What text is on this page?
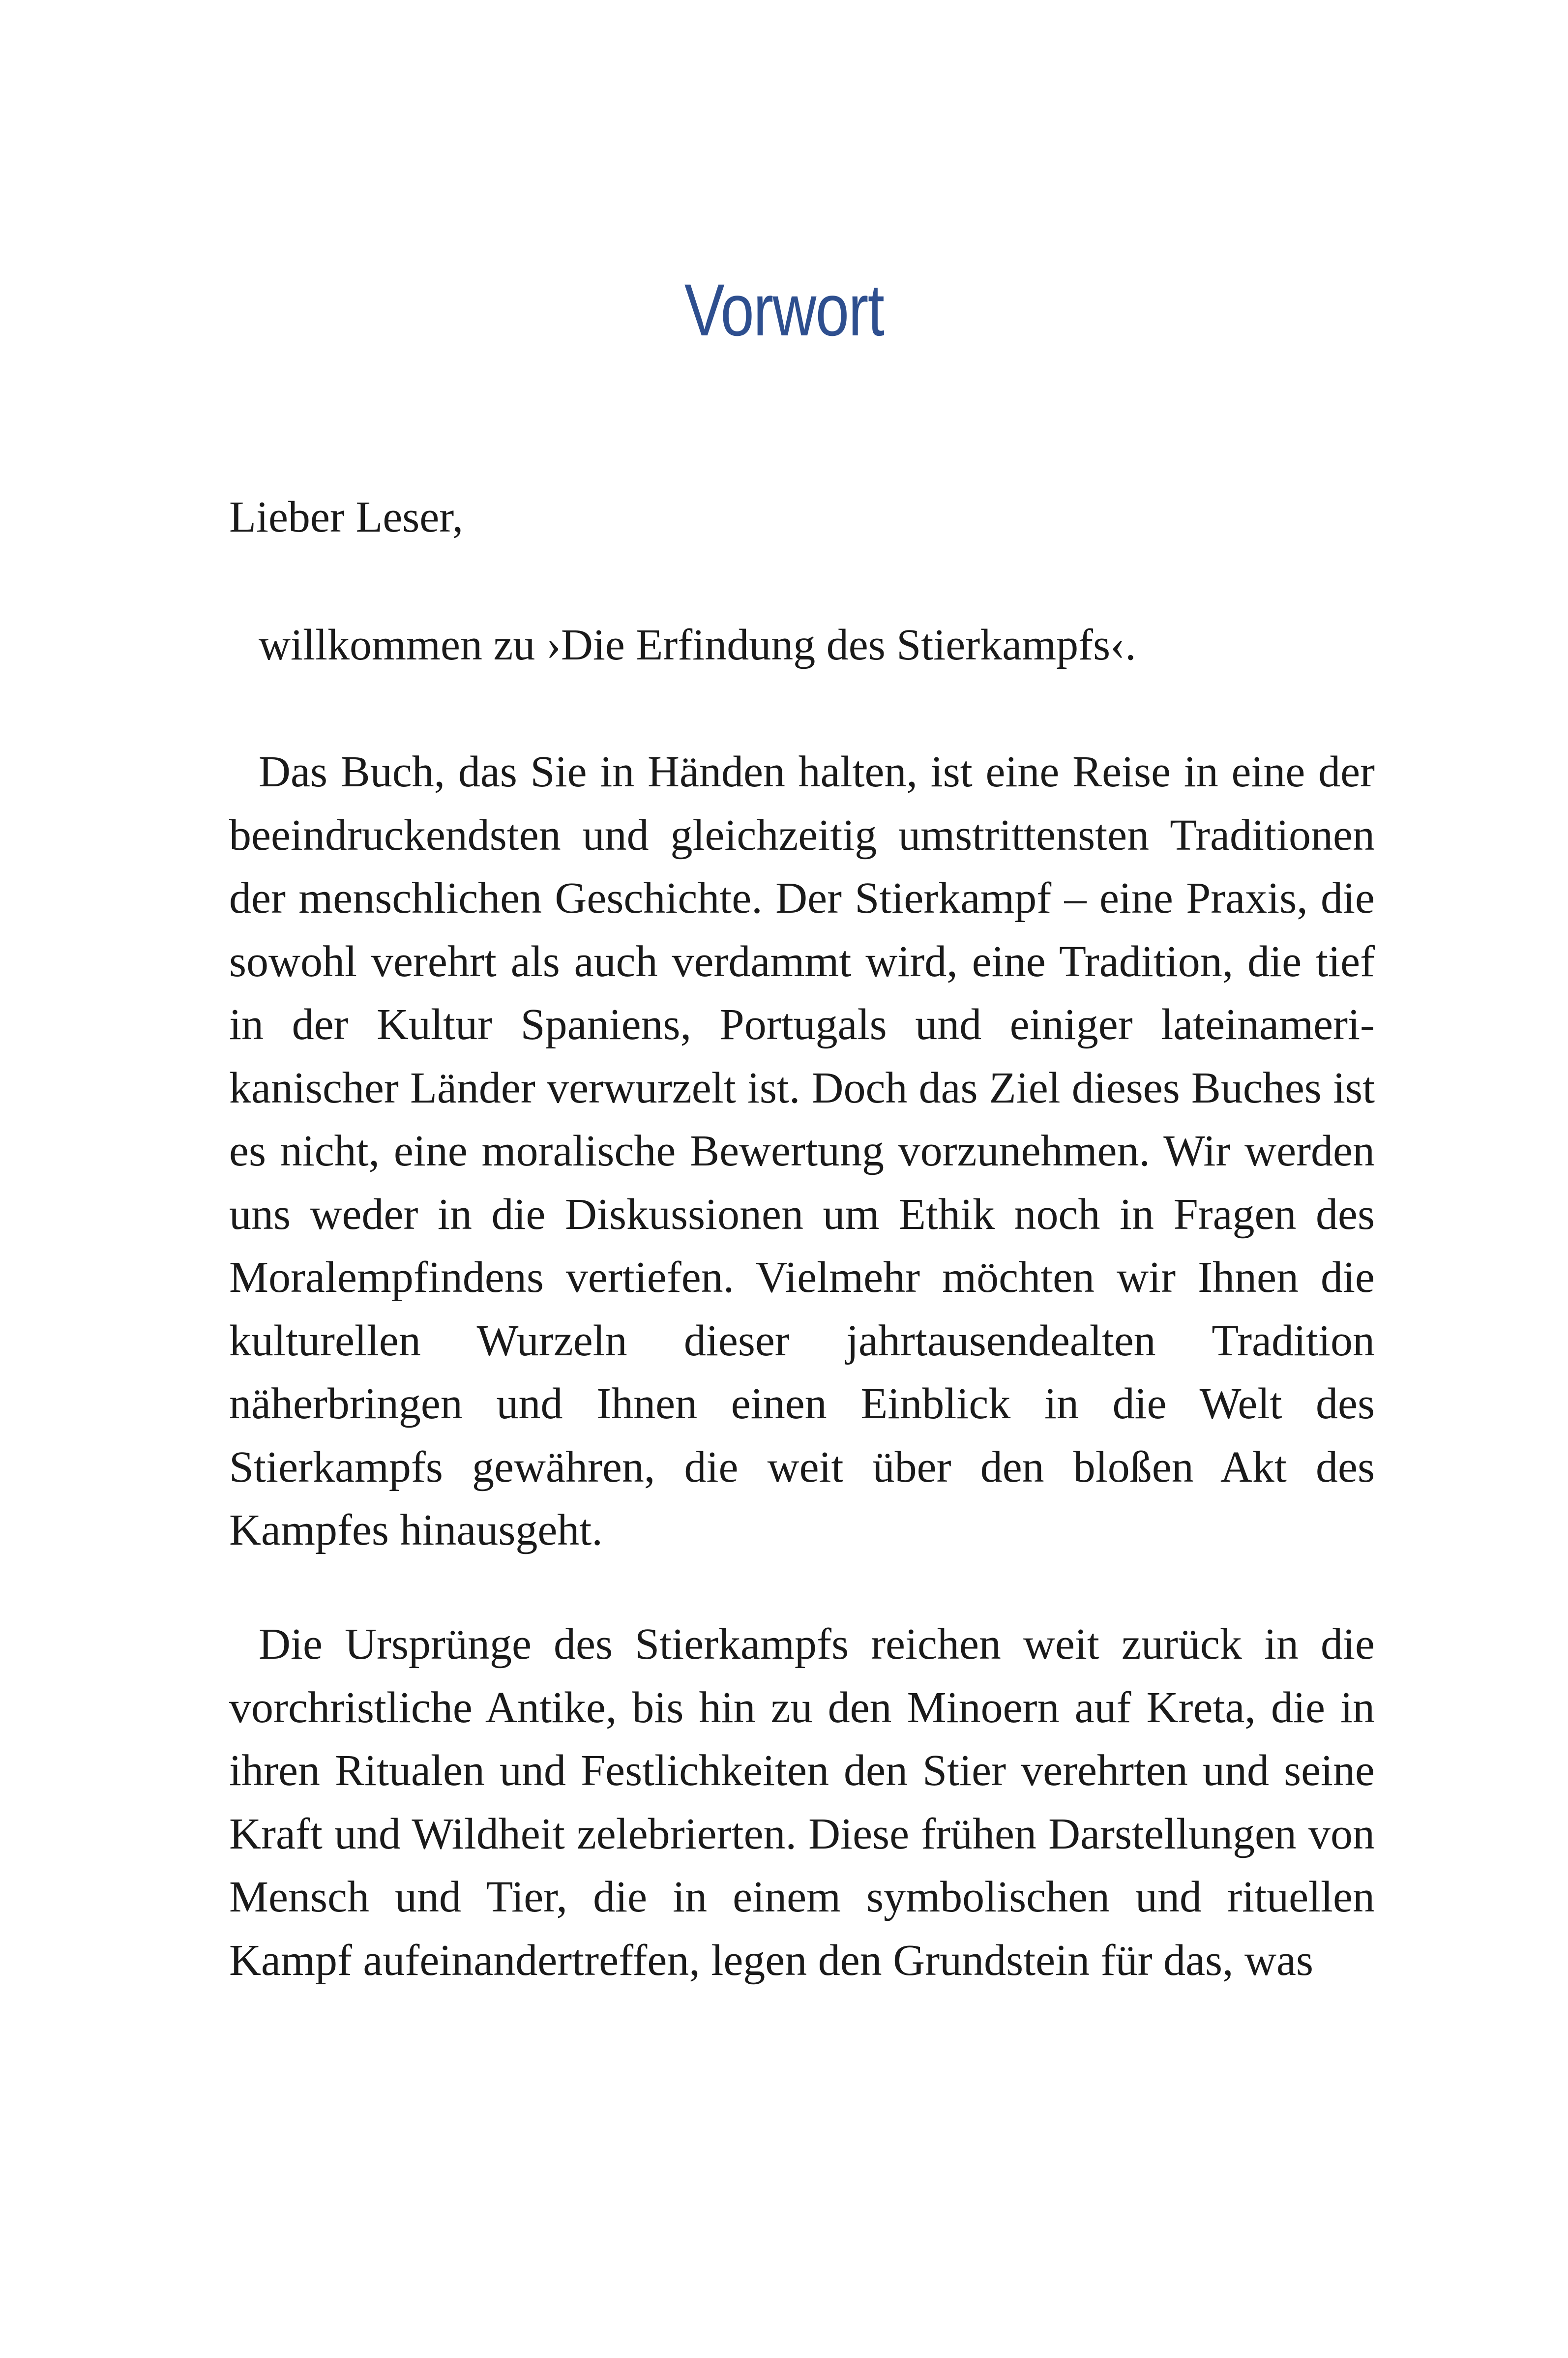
Vorwort
Lieber Leser,
willkommen zu ›Die Erfindung des Stierkampfs‹.

Das Buch, das Sie in Händen halten, ist eine Reise in eine der beeindruckendsten und gleichzeitig umstrittensten Traditionen der menschlichen Geschichte. Der Stierkampf – eine Praxis, die sowohl verehrt als auch verdammt wird, eine Tradition, die tief in der Kultur Spaniens, Portugals und einiger lateinamerikanischer Länder verwurzelt ist. Doch das Ziel dieses Buches ist es nicht, eine moralische Bewertung vorzunehmen. Wir werden uns weder in die Diskussionen um Ethik noch in Fragen des Moralempfindens vertiefen. Vielmehr möchten wir Ihnen die kulturellen Wurzeln dieser jahrtausendealten Tradition näherbringen und Ihnen einen Einblick in die Welt des Stierkampfs gewähren, die weit über den bloßen Akt des Kampfes hinausgeht.

Die Ursprünge des Stierkampfs reichen weit zurück in die vorchristliche Antike, bis hin zu den Minoern auf Kreta, die in ihren Ritualen und Festlichkeiten den Stier verehrten und seine Kraft und Wildheit zelebrierten. Diese frühen Darstellungen von Mensch und Tier, die in einem symbolischen und rituellen Kampf aufeinandertreffen, legen den Grundstein für das, was
